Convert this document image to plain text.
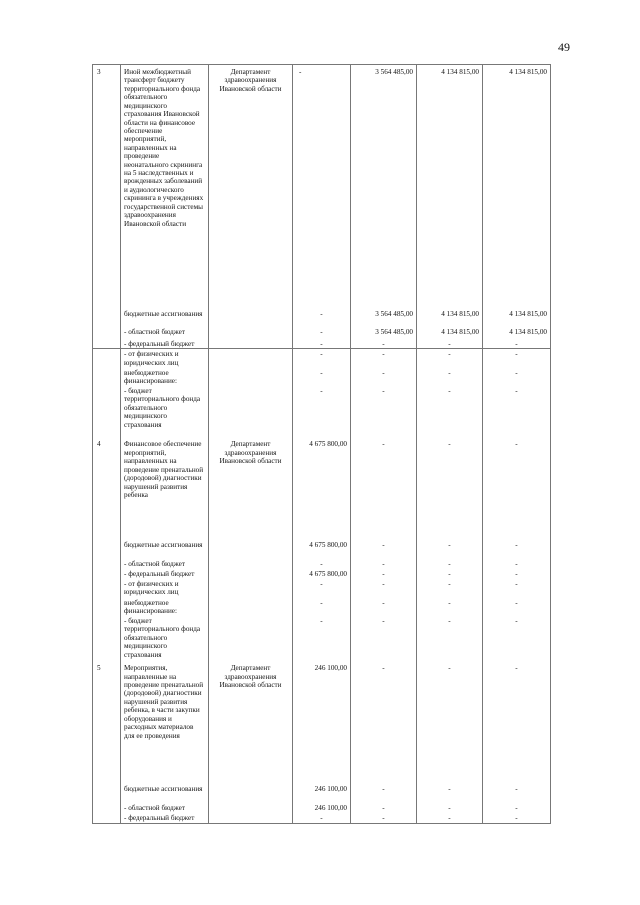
49
3	Иной межбюджетный трансферт бюджету территориального фонда обязательного медицинского страхования Ивановской области на финансовое обеспечение мероприятий, направленных на проведение неонатального скрининга на 5 наследственных и врожденных заболеваний и аудиологического скрининга в учреждениях государственной системы здравоохранения Ивановской области	Департамент здравоохранения Ивановской области	-	3 564 485,00	4 134 815,00	4 134 815,00
	бюджетные ассигнования		-	3 564 485,00	4 134 815,00	4 134 815,00
	- областной бюджет		-	3 564 485,00	4 134 815,00	4 134 815,00
	- федеральный бюджет		-	-	-	-
	- от физических и юридических лиц		-	-	-	-
	внебюджетное финансирование:		-	-	-	-
	- бюджет территориального фонда обязательного медицинского страхования		-	-	-	-
4	Финансовое обеспечение мероприятий, направленных на проведение пренатальной (дородовой) диагностики нарушений развития ребенка	Департамент здравоохранения Ивановской области	4 675 800,00	-	-	-
	бюджетные ассигнования		4 675 800,00	-	-	-
	- областной бюджет		-	-	-	-
	- федеральный бюджет		4 675 800,00	-	-	-
	- от физических и юридических лиц		-	-	-	-
	внебюджетное финансирование:		-	-	-	-
	- бюджет территориального фонда обязательного медицинского страхования		-	-	-	-
5	Мероприятия, направленные на проведение пренатальной (дородовой) диагностики нарушений развития ребенка, в части закупки оборудования и расходных материалов для ее проведения	Департамент здравоохранения Ивановской области	246 100,00	-	-	-
	бюджетные ассигнования		246 100,00	-	-	-
	- областной бюджет		246 100,00	-	-	-
	- федеральный бюджет		-	-	-	-
